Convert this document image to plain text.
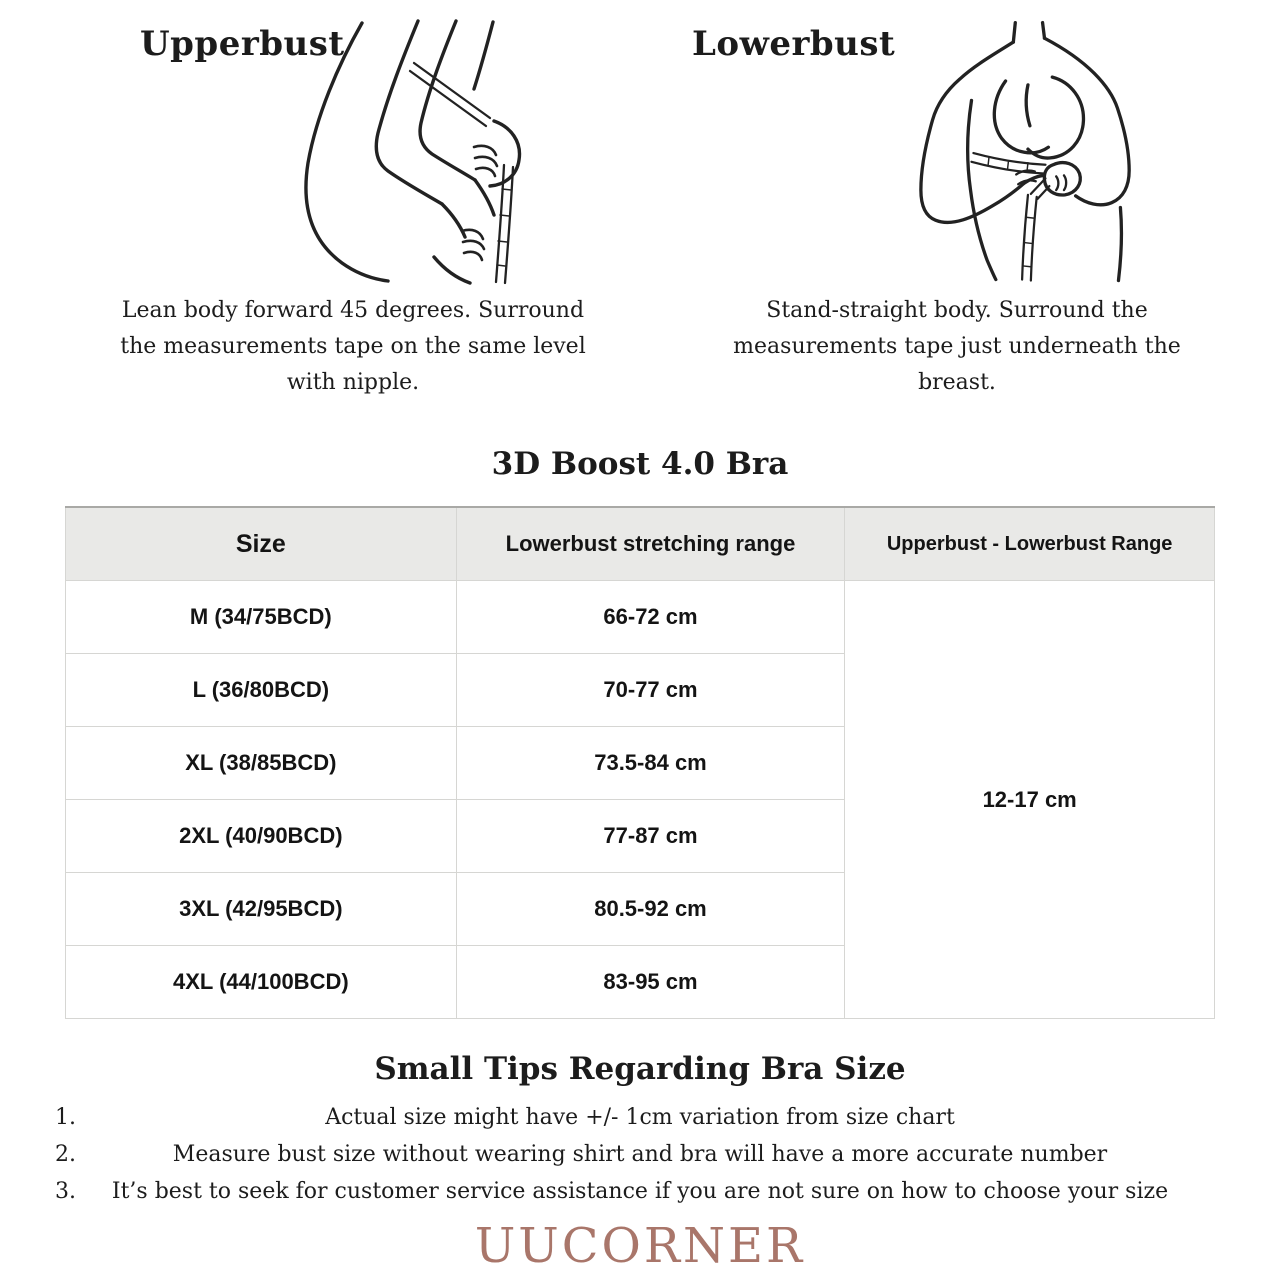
Upperbust
Lean body forward 45 degrees. Surround the measurements tape on the same level with nipple.
Lowerbust
Stand-straight body. Surround the measurements tape just underneath the breast.
3D Boost 4.0 Bra
Size	Lowerbust stretching range	Upperbust - Lowerbust Range
M (34/75BCD)	66-72 cm	12-17 cm
L (36/80BCD)	70-77 cm	
XL (38/85BCD)	73.5-84 cm	
2XL (40/90BCD)	77-87 cm	
3XL (42/95BCD)	80.5-92 cm	
4XL (44/100BCD)	83-95 cm	
Small Tips Regarding Bra Size
1.	Actual size might have +/- 1cm variation from size chart
2.	Measure bust size without wearing shirt and bra will have a more accurate number
3. It’s best to seek for customer service assistance if you are not sure on how to choose your size
UUCORNER
